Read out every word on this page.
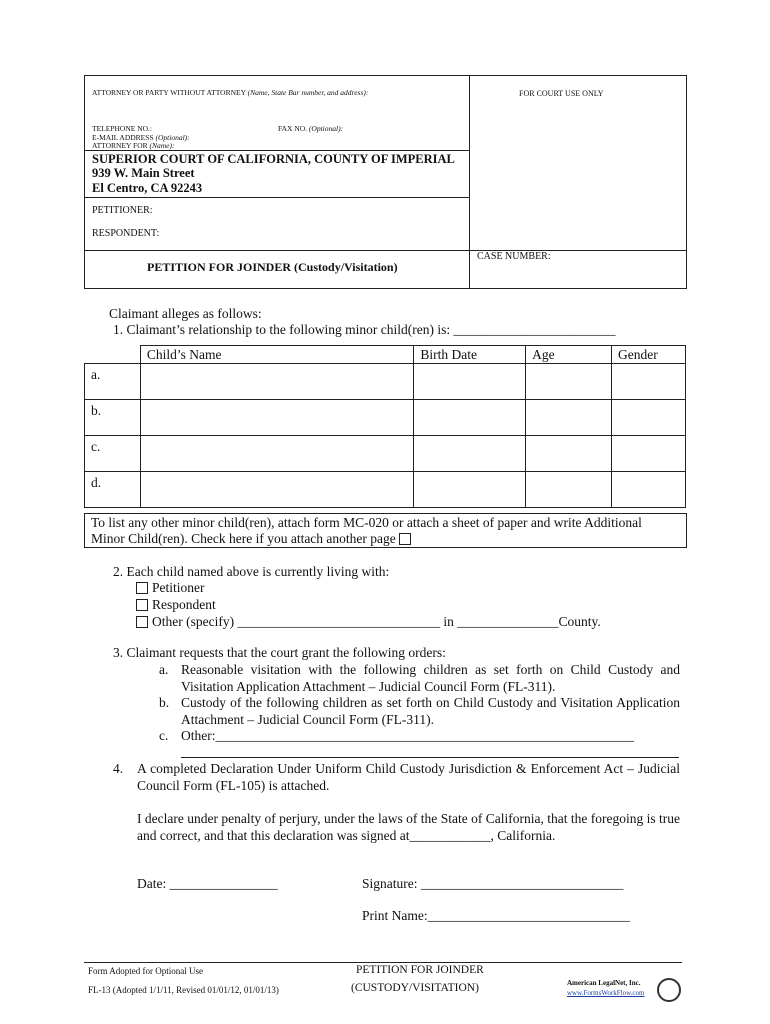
ATTORNEY OR PARTY WITHOUT ATTORNEY (Name, State Bar number, and address):	FOR COURT USE ONLY
TELEPHONE NO.:	FAX NO. (Optional):
E-MAIL ADDRESS (Optional):
ATTORNEY FOR (Name):
SUPERIOR COURT OF CALIFORNIA, COUNTY OF IMPERIAL
939 W. Main Street
El Centro, CA 92243
PETITIONER:
RESPONDENT:
PETITION FOR JOINDER (Custody/Visitation)
CASE NUMBER:
Claimant alleges as follows:
1. Claimant’s relationship to the following minor child(ren) is: ________________________
	Child’s Name	Birth Date	Age	Gender
a.				
b.				
c.				
d.				
To list any other minor child(ren), attach form MC-020 or attach a sheet of paper and write Additional
Minor Child(ren). Check here if you attach another page
2. Each child named above is currently living with:
Petitioner
Respondent
Other (specify) ______________________________ in _______________County.
3. Claimant requests that the court grant the following orders:
a. Reasonable visitation with the following children as set forth on Child Custody and Visitation Application Attachment – Judicial Council Form (FL-311).
b. Custody of the following children as set forth on Child Custody and Visitation Application Attachment – Judicial Council Form (FL-311).
c. Other:______________________________________________________________
4. A completed Declaration Under Uniform Child Custody Jurisdiction & Enforcement Act – Judicial Council Form (FL-105) is attached.
I declare under penalty of perjury, under the laws of the State of California, that the foregoing is true and correct, and that this declaration was signed at____________, California.
Date: ________________	Signature: ______________________________
Print Name:______________________________
Form Adopted for Optional Use
FL-13 (Adopted 1/1/11, Revised 01/01/12, 01/01/13)
PETITION FOR JOINDER
(CUSTODY/VISITATION)	American LegalNet, Inc.
www.FormsWorkFlow.com
